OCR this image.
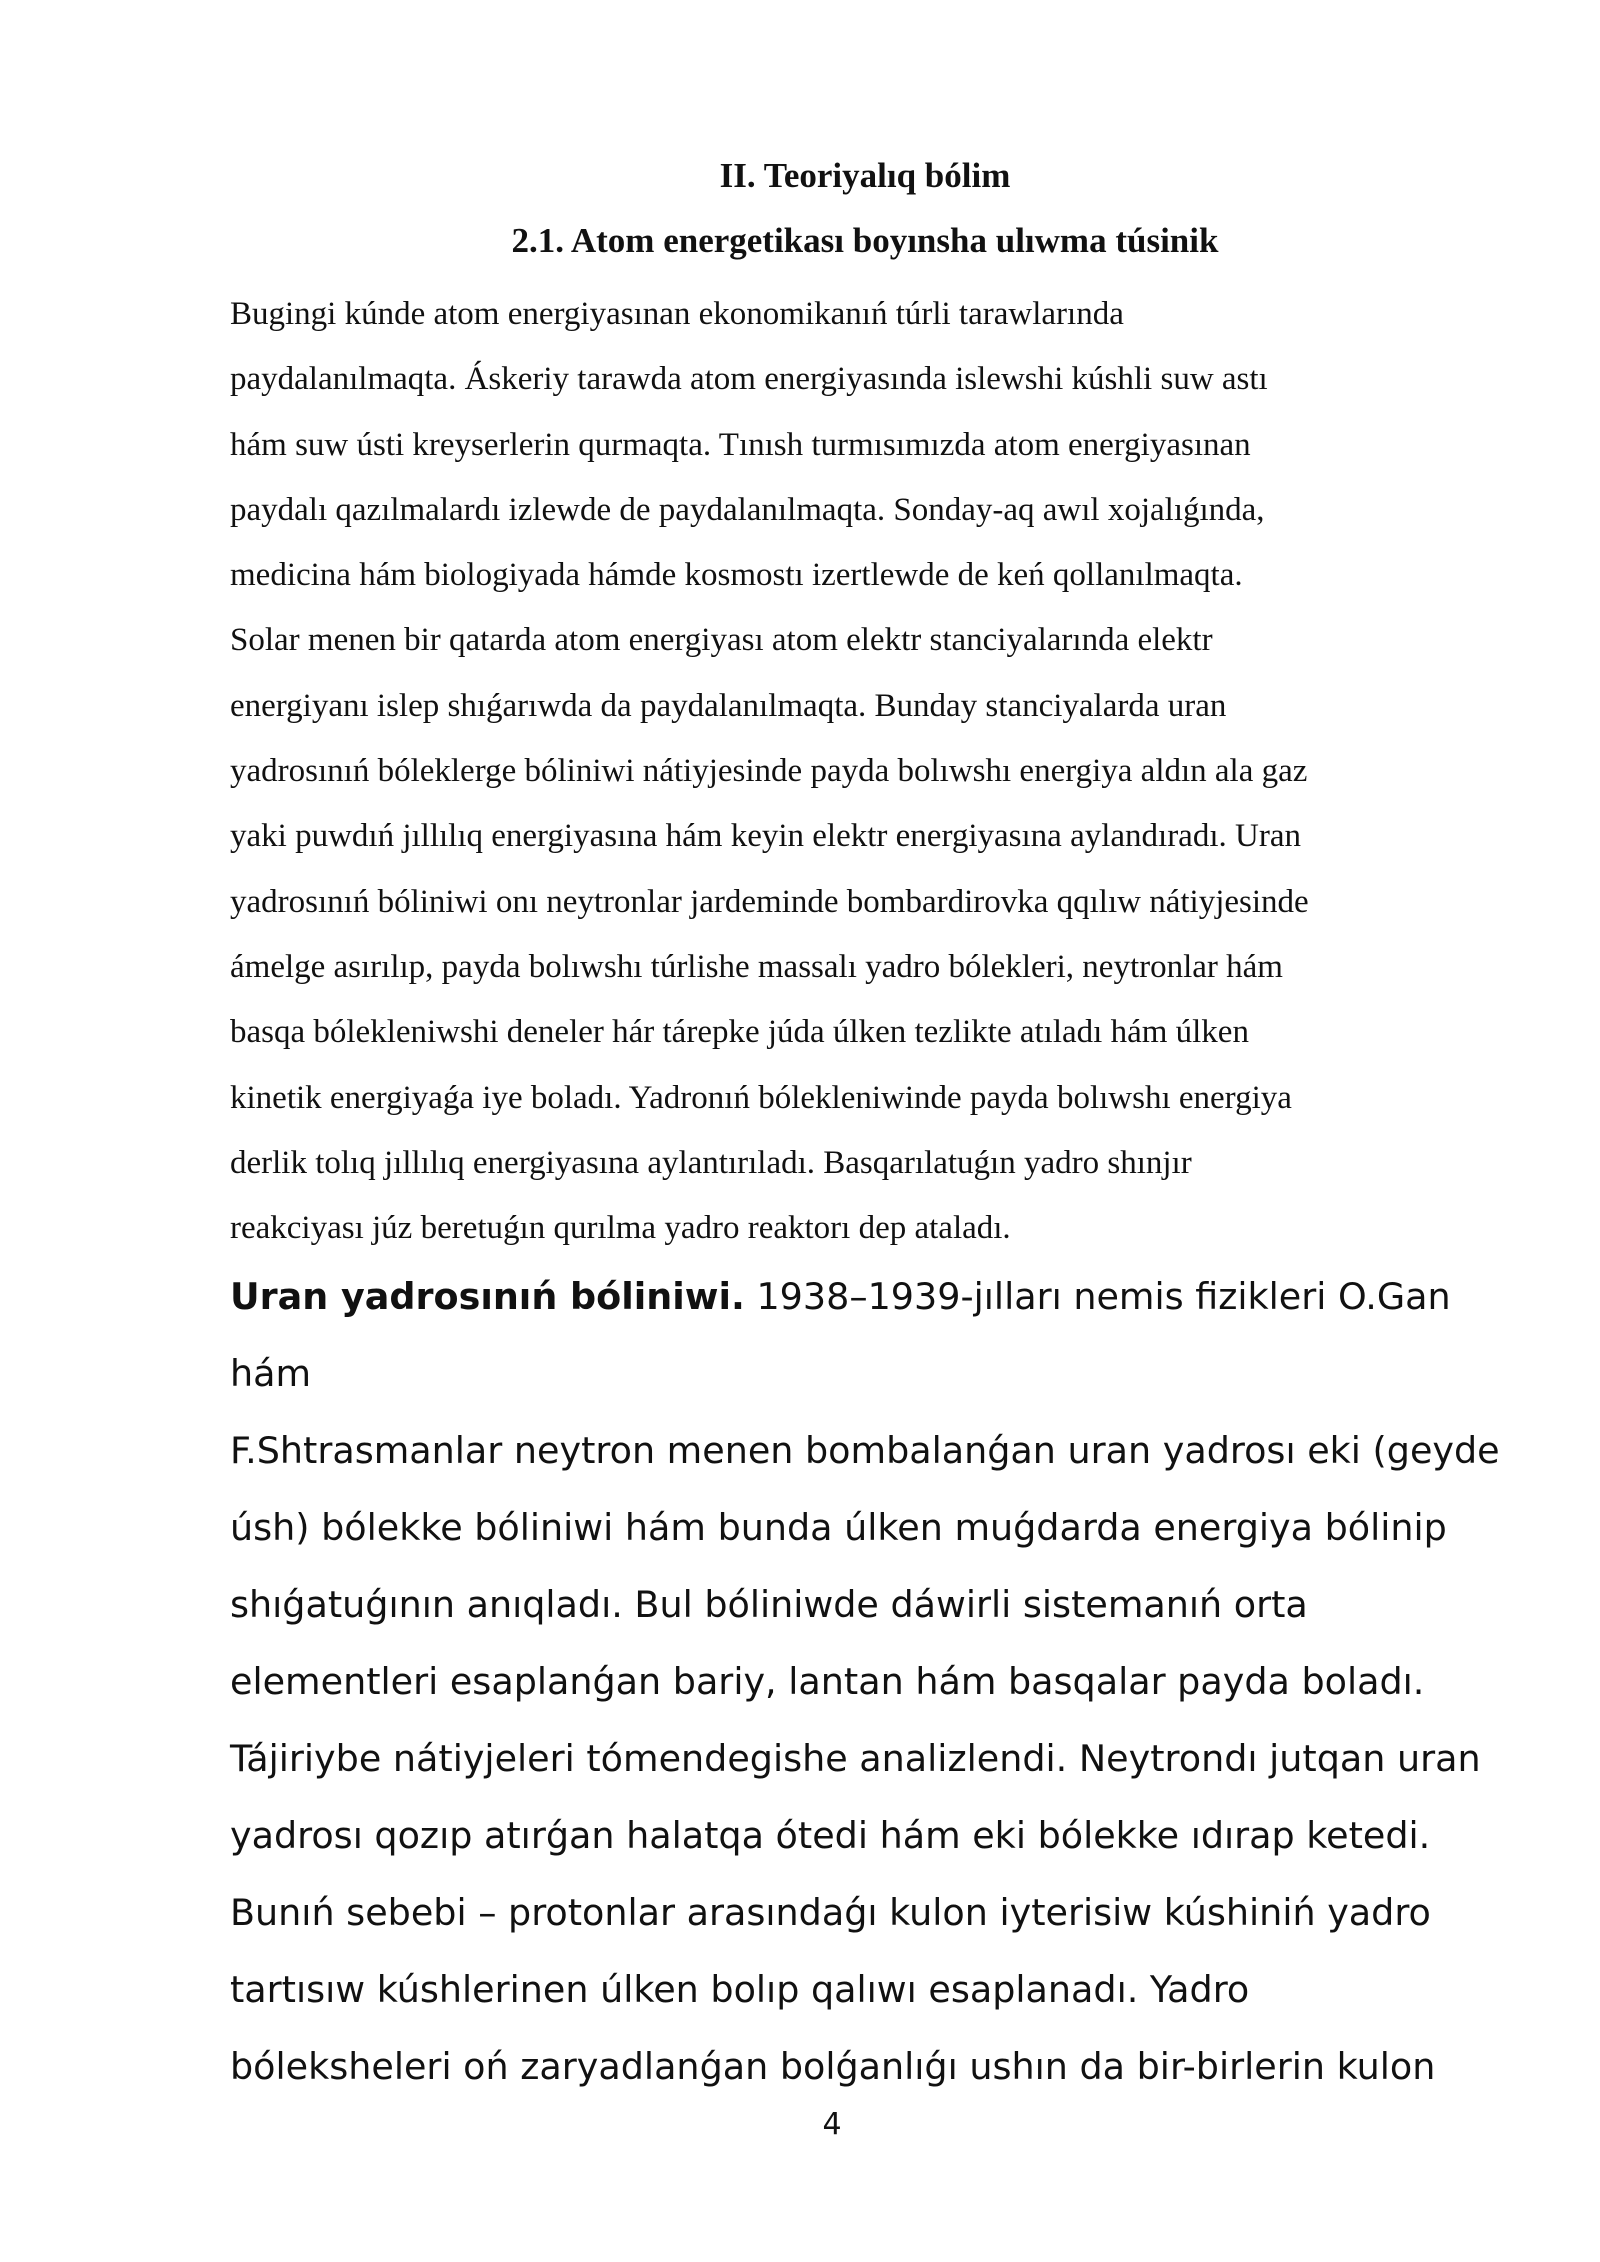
II. Teoriyalıq bólim
2.1. Atom energetikası boyınsha ulıwma túsinik

Bugingi kúnde atom energiyasınan ekonomikanıń túrli tarawlarında
paydalanılmaqta. Áskeriy tarawda atom energiyasında islewshi kúshli suw astı
hám suw ústi kreyserlerin qurmaqta. Tınısh turmısımızda atom energiyasınan
paydalı qazılmalardı izlewde de paydalanılmaqta. Sonday-aq awıl xojalıǵında,
medicina hám biologiyada hámde kosmostı izertlewde de keń qollanılmaqta.
Solar menen bir qatarda atom energiyası atom elektr stanciyalarında elektr
energiyanı islep shıǵarıwda da paydalanılmaqta. Bunday stanciyalarda uran
yadrosınıń bóleklerge bóliniwi nátiyjesinde payda bolıwshı energiya aldın ala gaz
yaki puwdıń jıllılıq energiyasına hám keyin elektr energiyasına aylandıradı. Uran
yadrosınıń bóliniwi onı neytronlar jardeminde bombardirovka qqılıw nátiyjesinde
ámelge asırılıp, payda bolıwshı túrlishe massalı yadro bólekleri, neytronlar hám
basqa bólekleniwshi deneler hár tárepke júda úlken tezlikte atıladı hám úlken
kinetik energiyaǵa iye boladı. Yadronıń bólekleniwinde payda bolıwshı energiya
derlik tolıq jıllılıq energiyasına aylantırıladı. Basqarılatuǵın yadro shınjır
reakciyası júz beretuǵın qurılma yadro reaktorı dep ataladı.

Uran yadrosınıń bóliniwi. 1938–1939-jılları nemis fizikleri O.Gan
hám
F.Shtrasmanlar neytron menen bombalanǵan uran yadrosı eki (geyde
úsh) bólekke bóliniwi hám bunda úlken muǵdarda energiya bólinip
shıǵatuǵının anıqladı. Bul bóliniwde dáwirli sistemanıń orta
elementleri esaplanǵan bariy, lantan hám basqalar payda boladı.
Tájiriybe nátiyjeleri tómendegishe analizlendi. Neytrondı jutqan uran
yadrosı qozıp atırǵan halatqa ótedi hám eki bólekke ıdırap ketedi.
Bunıń sebebi – protonlar arasındaǵı kulon iyterisiw kúshiniń yadro
tartısıw kúshlerinen úlken bolıp qalıwı esaplanadı. Yadro
bóleksheleri oń zaryadlanǵan bolǵanlıǵı ushın da bir-birlerin kulon

4
